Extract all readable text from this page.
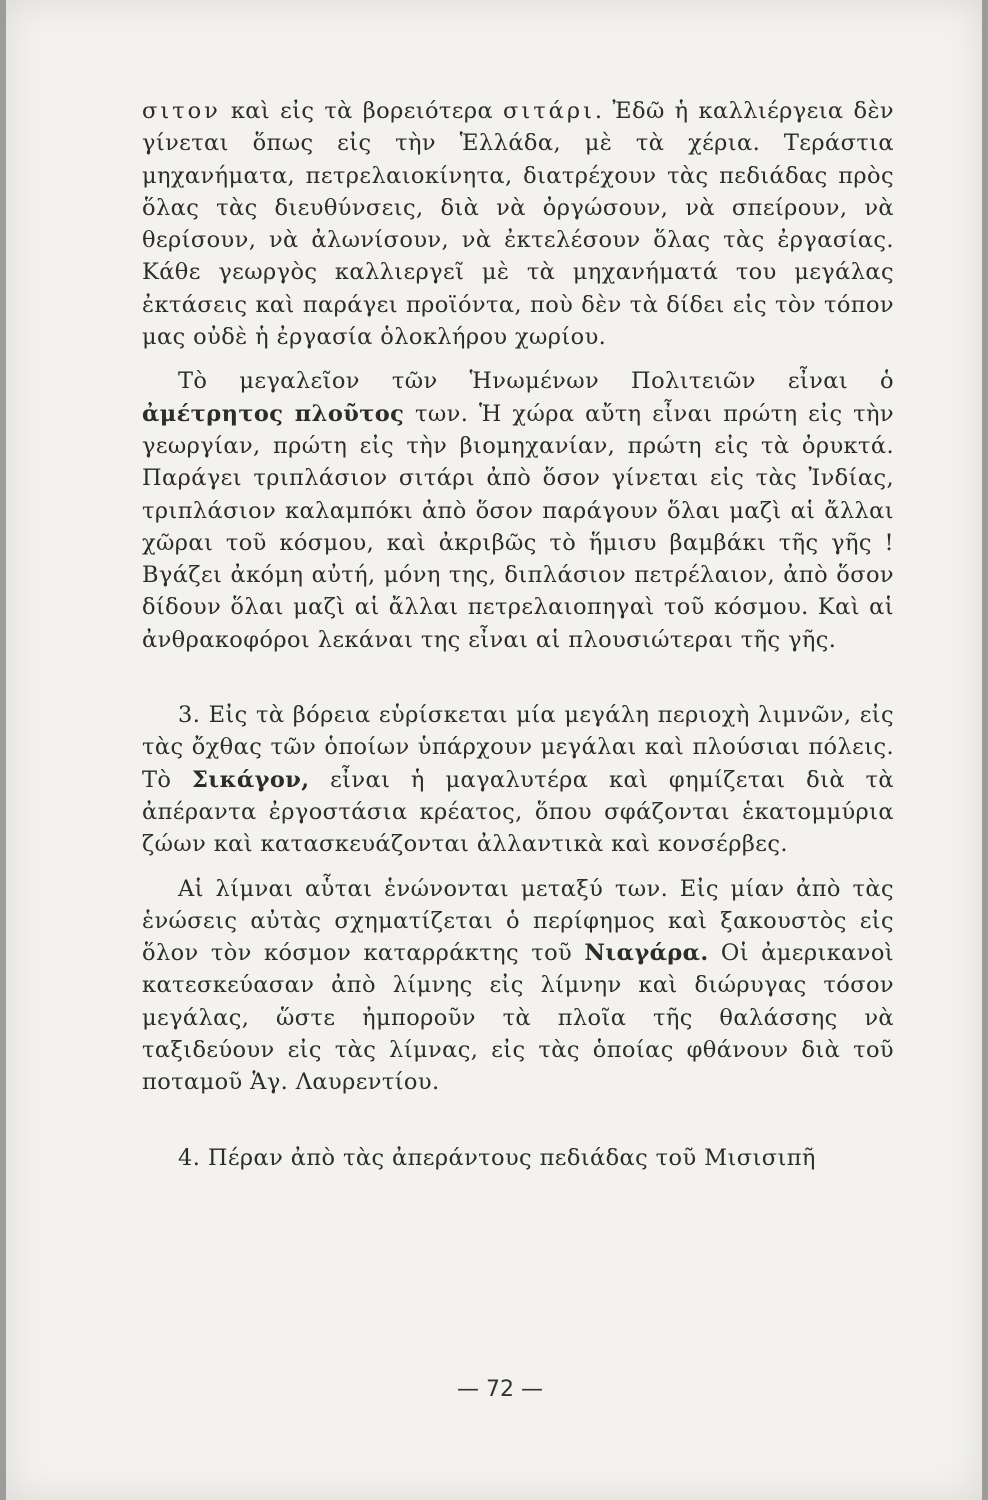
σιτον καὶ εἰς τὰ βορειότερα σιτάρι. Ἐδῶ ἡ καλλιέργεια δὲν γίνεται ὅπως εἰς τὴν Ἑλλάδα, μὲ τὰ χέρια. Τεράστια μηχανήματα, πετρελαιοκίνητα, διατρέχουν τὰς πεδιάδας πρὸς ὅλας τὰς διευθύνσεις, διὰ νὰ ὀργώσουν, νὰ σπείρουν, νὰ θερίσουν, νὰ ἀλωνίσουν, νὰ ἐκτελέσουν ὅλας τὰς ἐργασίας. Κάθε γεωργὸς καλλιεργεῖ μὲ τὰ μηχανήματά του μεγάλας ἐκτάσεις καὶ παράγει προϊόντα, ποὺ δὲν τὰ δίδει εἰς τὸν τόπον μας οὐδὲ ἡ ἐργασία ὁλοκλήρου χωρίου.

Τὸ μεγαλεῖον τῶν Ἡνωμένων Πολιτειῶν εἶναι ὁ ἀμέτρητος πλοῦτος των. Ἡ χώρα αὔτη εἶναι πρώτη εἰς τὴν γεωργίαν, πρώτη εἰς τὴν βιομηχανίαν, πρώτη εἰς τὰ ὀρυκτά. Παράγει τριπλάσιον σιτάρι ἀπὸ ὅσον γίνεται εἰς τὰς Ἰνδίας, τριπλάσιον καλαμπόκι ἀπὸ ὅσον παράγουν ὅλαι μαζὶ αἱ ἄλλαι χῶραι τοῦ κόσμου, καὶ ἀκριβῶς τὸ ἥμισυ βαμβάκι τῆς γῆς ! Βγάζει ἀκόμη αὐτή, μόνη της, διπλάσιον πετρέλαιον, ἀπὸ ὅσον δίδουν ὅλαι μαζὶ αἱ ἄλλαι πετρελαιοπηγαὶ τοῦ κόσμου. Καὶ αἱ ἀνθρακοφόροι λεκάναι της εἶναι αἱ πλουσιώτεραι τῆς γῆς.

3. Εἰς τὰ βόρεια εὑρίσκεται μία μεγάλη περιοχὴ λιμνῶν, εἰς τὰς ὄχθας τῶν ὁποίων ὑπάρχουν μεγάλαι καὶ πλούσιαι πόλεις. Τὸ Σικάγον, εἶναι ἡ μαγαλυτέρα καὶ φημίζεται διὰ τὰ ἀπέραντα ἐργοστάσια κρέατος, ὅπου σφάζονται ἑκατομμύρια ζώων καὶ κατασκευάζονται ἀλλαντικὰ καὶ κονσέρβες.

Αἱ λίμναι αὗται ἑνώνονται μεταξύ των. Εἰς μίαν ἀπὸ τὰς ἑνώσεις αὐτὰς σχηματίζεται ὁ περίφημος καὶ ξακουστὸς εἰς ὅλον τὸν κόσμον καταρράκτης τοῦ Νιαγάρα. Οἱ ἀμερικανοὶ κατεσκεύασαν ἀπὸ λίμνης εἰς λίμνην καὶ διώρυγας τόσον μεγάλας, ὥστε ἠμποροῦν τὰ πλοῖα τῆς θαλάσσης νὰ ταξιδεύουν εἰς τὰς λίμνας, εἰς τὰς ὁποίας φθάνουν διὰ τοῦ ποταμοῦ Ἁγ. Λαυρεντίου.

4. Πέραν ἀπὸ τὰς ἀπεράντους πεδιάδας τοῦ Μισισιπῆ

— 72 —
